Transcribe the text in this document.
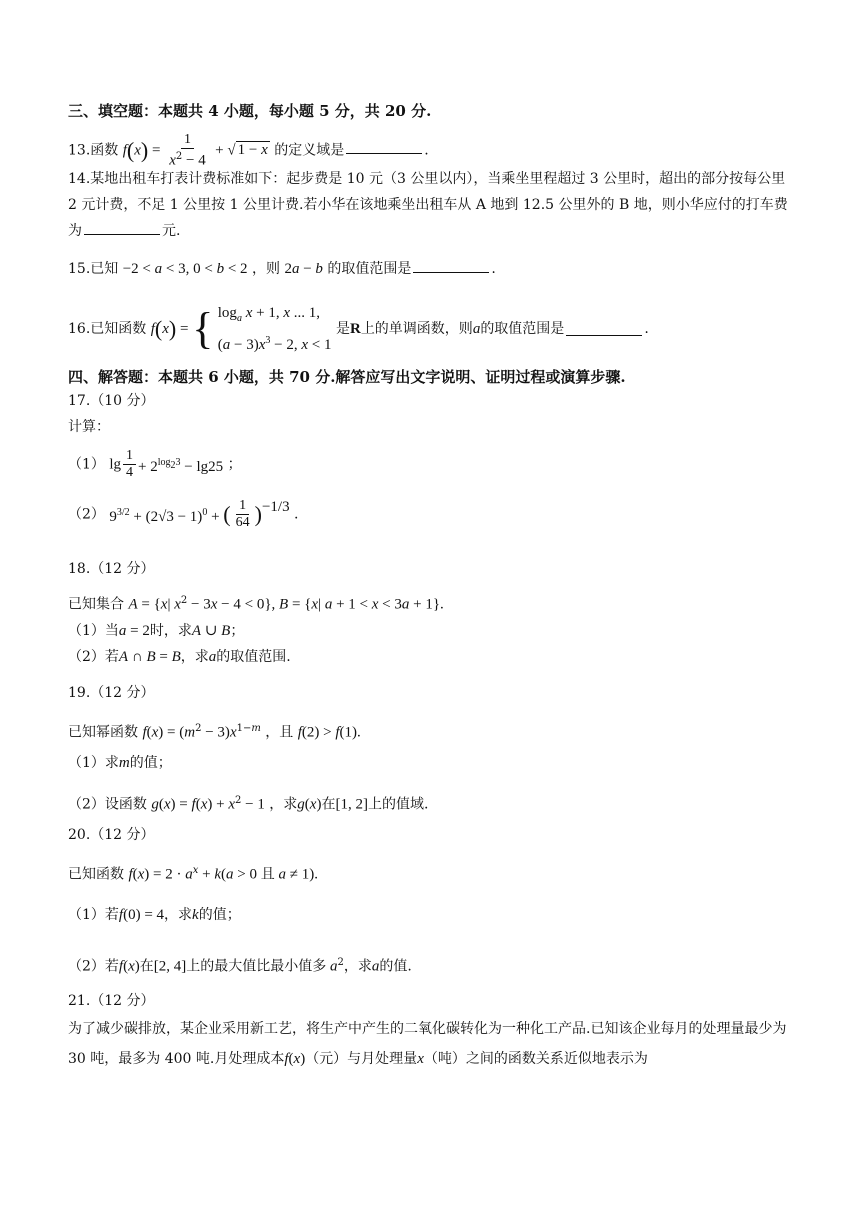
三、填空题：本题共 4 小题，每小题 5 分，共 20 分.
13.函数 $f(x) = \frac{1}{x^2 - 4}$ + √ 1 − x 的定义域是	.
14.某地出租车打表计费标准如下：起步费是 10 元（3 公里以内），当乘坐里程超过 3 公里时，超出的部分按每公里 2 元计费，不足 1 公里按 1 公里计费.若小华在该地乘坐出租车从 A 地到 12.5 公里外的 B 地，则小华应付的打车费为	元.
15.已知 −2 < a < 3, 0 < b < 2 ，则 2a − b 的取值范围是	.
16.已知函数 f(x) = { $\log_a x + 1$, x ... 1,
$(a - 3)x^3 - 2$, x < 1
是R上的单调函数，则a的取值范围是	.
四、解答题：本题共 6 小题，共 70 分.解答应写出文字说明、证明过程或演算步骤.
17.（10 分）
计算：
（1） $\lg \frac{1}{4} + 2^{log_23} - \lg 25$ ；
（2） $9^{3/2} + (2√3 - 1)^0$ + ( $\frac{1}{64} )^{-1/3}$ .
18.（12 分）
已知集合 A = {x| $x^2 - 3x - 4 < 0$}, B = {x| a + 1 < x < 3a + 1}.
（1）当a = 2时，求A ∪ B；
（2）若A ∩ B = B，求a的取值范围.
19.（12 分）
已知幂函数 $f(x) = (m^2 - 3)x^{1-m}$ ，且 f(2) > f(1).
（1）求m的值；
（2）设函数 $g(x) = f(x) + x^2 - 1$ ，求g(x)在[1, 2]上的值域.
20.（12 分）
已知函数 $f(x) = 2 \cdot a^x + k(a > 0$ 且 a ≠ 1).
（1）若f(0) = 4，求k的值；
（2）若f(x)在[2, 4]上的最大值比最小值多 $a^2$，求a的值.
21.（12 分）
为了减少碳排放，某企业采用新工艺，将生产中产生的二氧化碳转化为一种化工产品.已知该企业每月的处理量最少为 30 吨，最多为 400 吨.月处理成本f(x)（元）与月处理量x（吨）之间的函数关系近似地表示为
